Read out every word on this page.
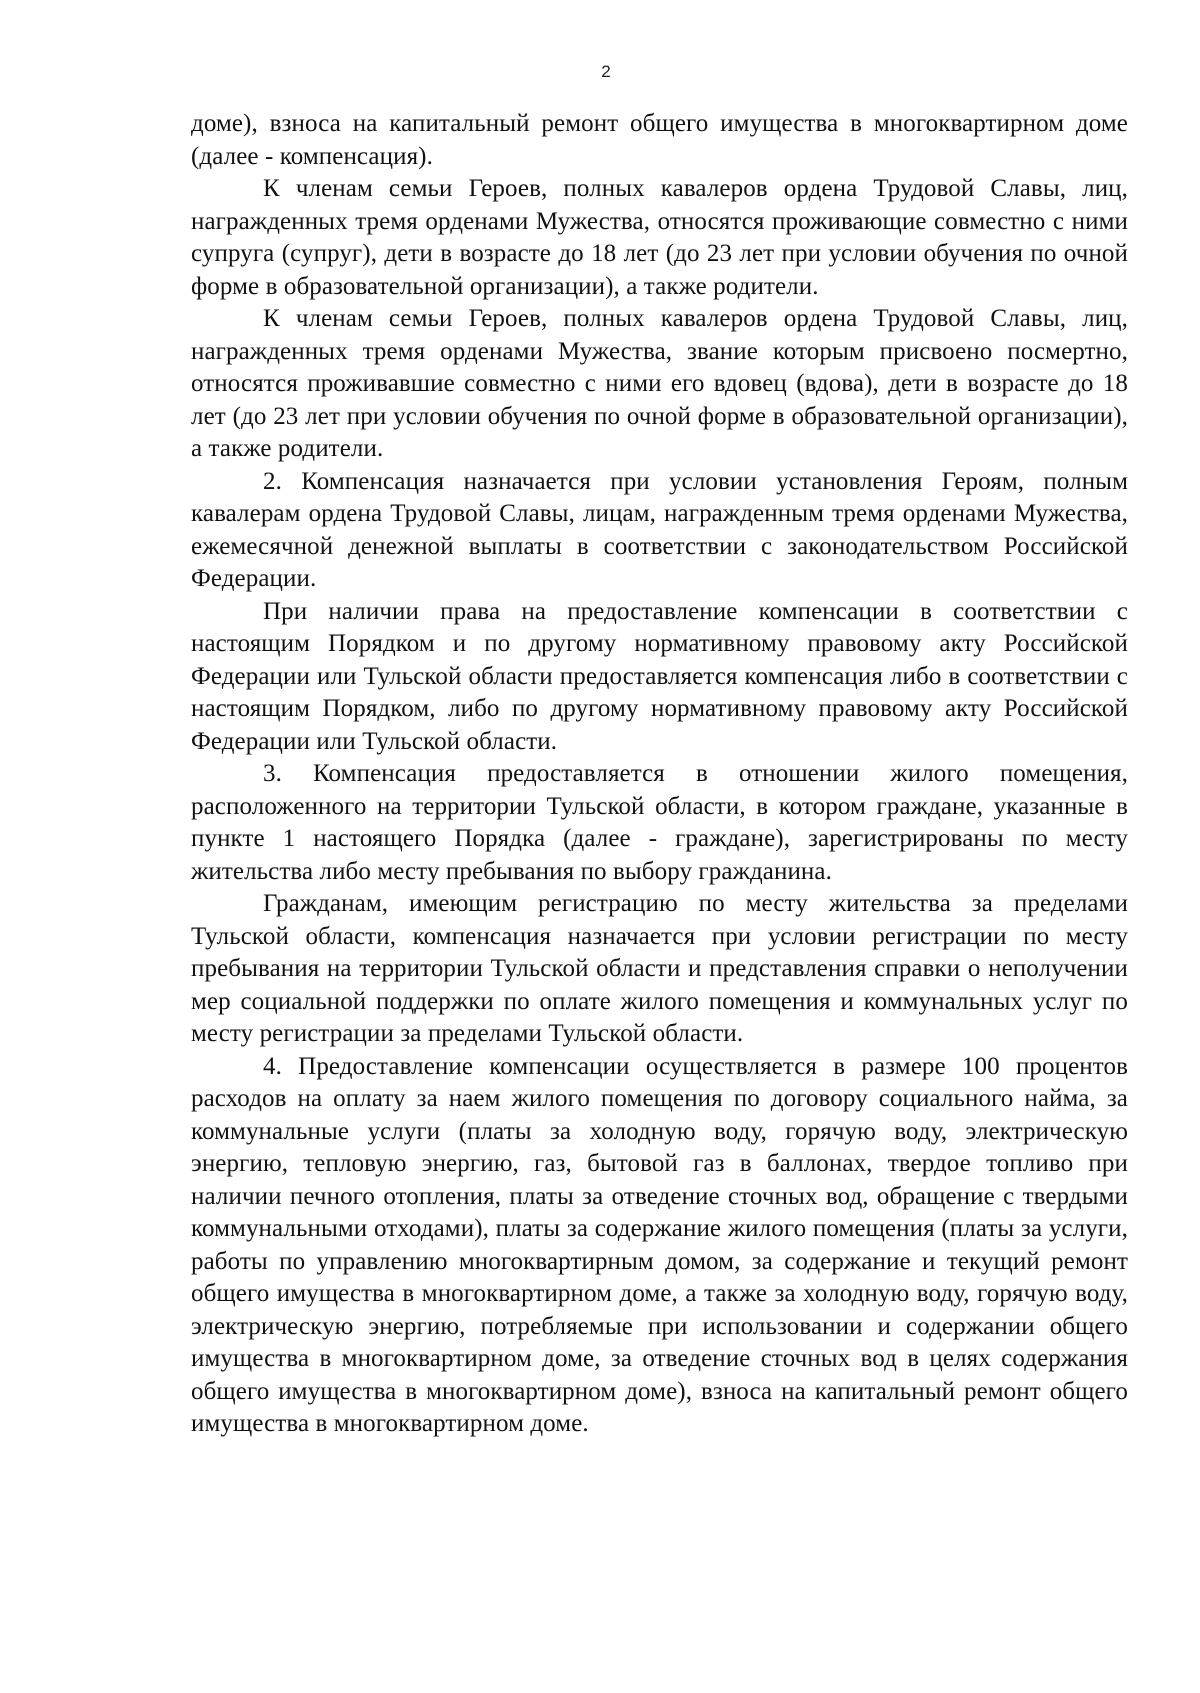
2

доме), взноса на капитальный ремонт общего имущества в многоквартирном доме (далее - компенсация).

К членам семьи Героев, полных кавалеров ордена Трудовой Славы, лиц, награжденных тремя орденами Мужества, относятся проживающие совместно с ними супруга (супруг), дети в возрасте до 18 лет (до 23 лет при условии обучения по очной форме в образовательной организации), а также родители.

К членам семьи Героев, полных кавалеров ордена Трудовой Славы, лиц, награжденных тремя орденами Мужества, звание которым присвоено посмертно, относятся проживавшие совместно с ними его вдовец (вдова), дети в возрасте до 18 лет (до 23 лет при условии обучения по очной форме в образовательной организации), а также родители.

2. Компенсация назначается при условии установления Героям, полным кавалерам ордена Трудовой Славы, лицам, награжденным тремя орденами Мужества, ежемесячной денежной выплаты в соответствии с законодательством Российской Федерации.

При наличии права на предоставление компенсации в соответствии с настоящим Порядком и по другому нормативному правовому акту Российской Федерации или Тульской области предоставляется компенсация либо в соответствии с настоящим Порядком, либо по другому нормативному правовому акту Российской Федерации или Тульской области.

3. Компенсация предоставляется в отношении жилого помещения, расположенного на территории Тульской области, в котором граждане, указанные в пункте 1 настоящего Порядка (далее - граждане), зарегистрированы по месту жительства либо месту пребывания по выбору гражданина.

Гражданам, имеющим регистрацию по месту жительства за пределами Тульской области, компенсация назначается при условии регистрации по месту пребывания на территории Тульской области и представления справки о неполучении мер социальной поддержки по оплате жилого помещения и коммунальных услуг по месту регистрации за пределами Тульской области.

4. Предоставление компенсации осуществляется в размере 100 процентов расходов на оплату за наем жилого помещения по договору социального найма, за коммунальные услуги (платы за холодную воду, горячую воду, электрическую энергию, тепловую энергию, газ, бытовой газ в баллонах, твердое топливо при наличии печного отопления, платы за отведение сточных вод, обращение с твердыми коммунальными отходами), платы за содержание жилого помещения (платы за услуги, работы по управлению многоквартирным домом, за содержание и текущий ремонт общего имущества в многоквартирном доме, а также за холодную воду, горячую воду, электрическую энергию, потребляемые при использовании и содержании общего имущества в многоквартирном доме, за отведение сточных вод в целях содержания общего имущества в многоквартирном доме), взноса на капитальный ремонт общего имущества в многоквартирном доме.
